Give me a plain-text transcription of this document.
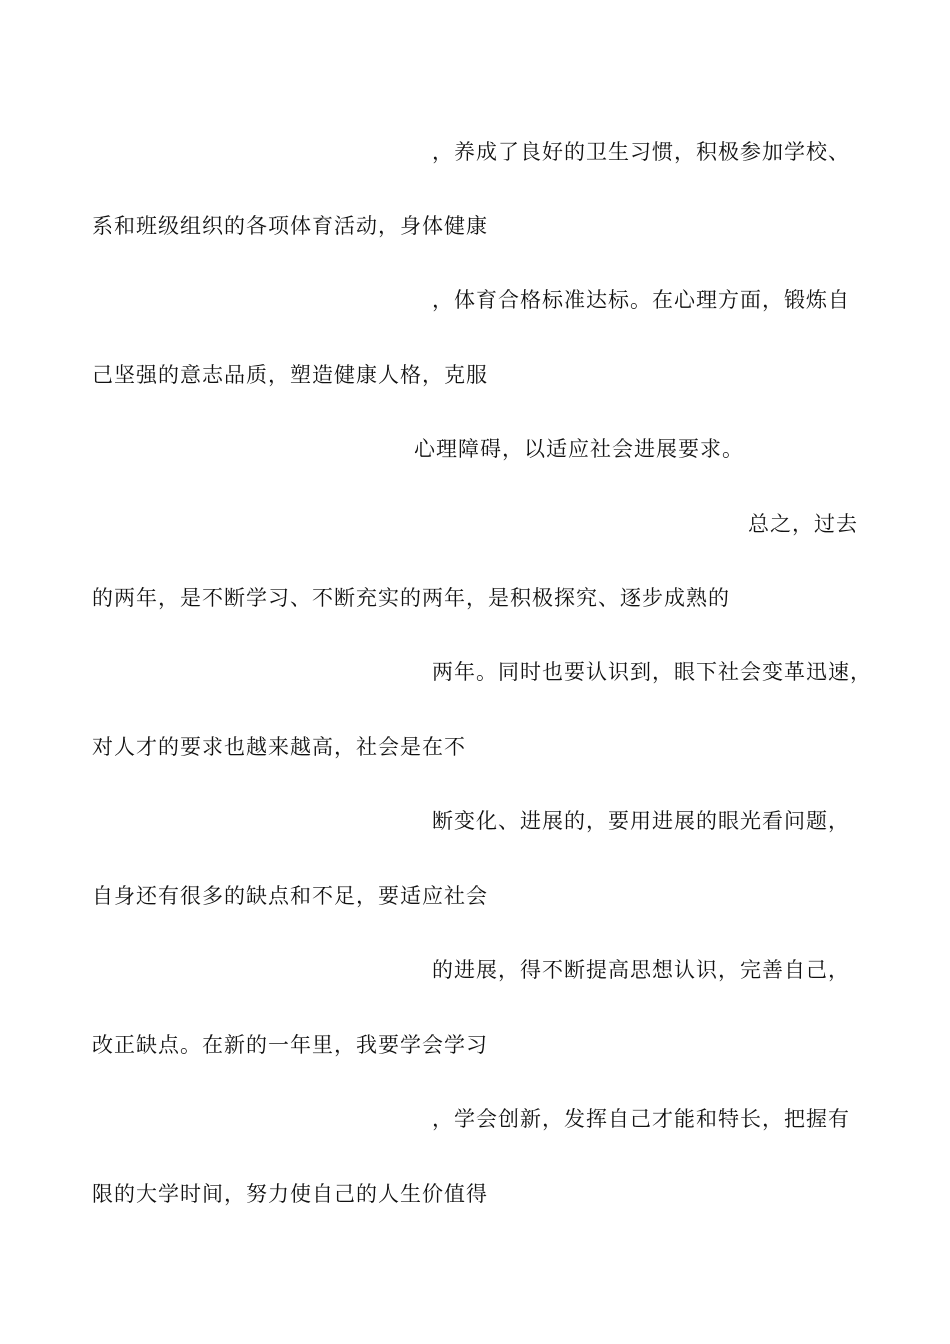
，养成了良好的卫生习惯，积极参加学校、
系和班级组织的各项体育活动，身体健康
，体育合格标准达标。在心理方面，锻炼自
己坚强的意志品质，塑造健康人格，克服
心理障碍，以适应社会进展要求。
总之，过去
的两年，是不断学习、不断充实的两年，是积极探究、逐步成熟的
两年。同时也要认识到，眼下社会变革迅速，
对人才的要求也越来越高，社会是在不
断变化、进展的，要用进展的眼光看问题，
自身还有很多的缺点和不足，要适应社会
的进展，得不断提高思想认识，完善自己，
改正缺点。在新的一年里，我要学会学习
，学会创新，发挥自己才能和特长，把握有
限的大学时间，努力使自己的人生价值得
